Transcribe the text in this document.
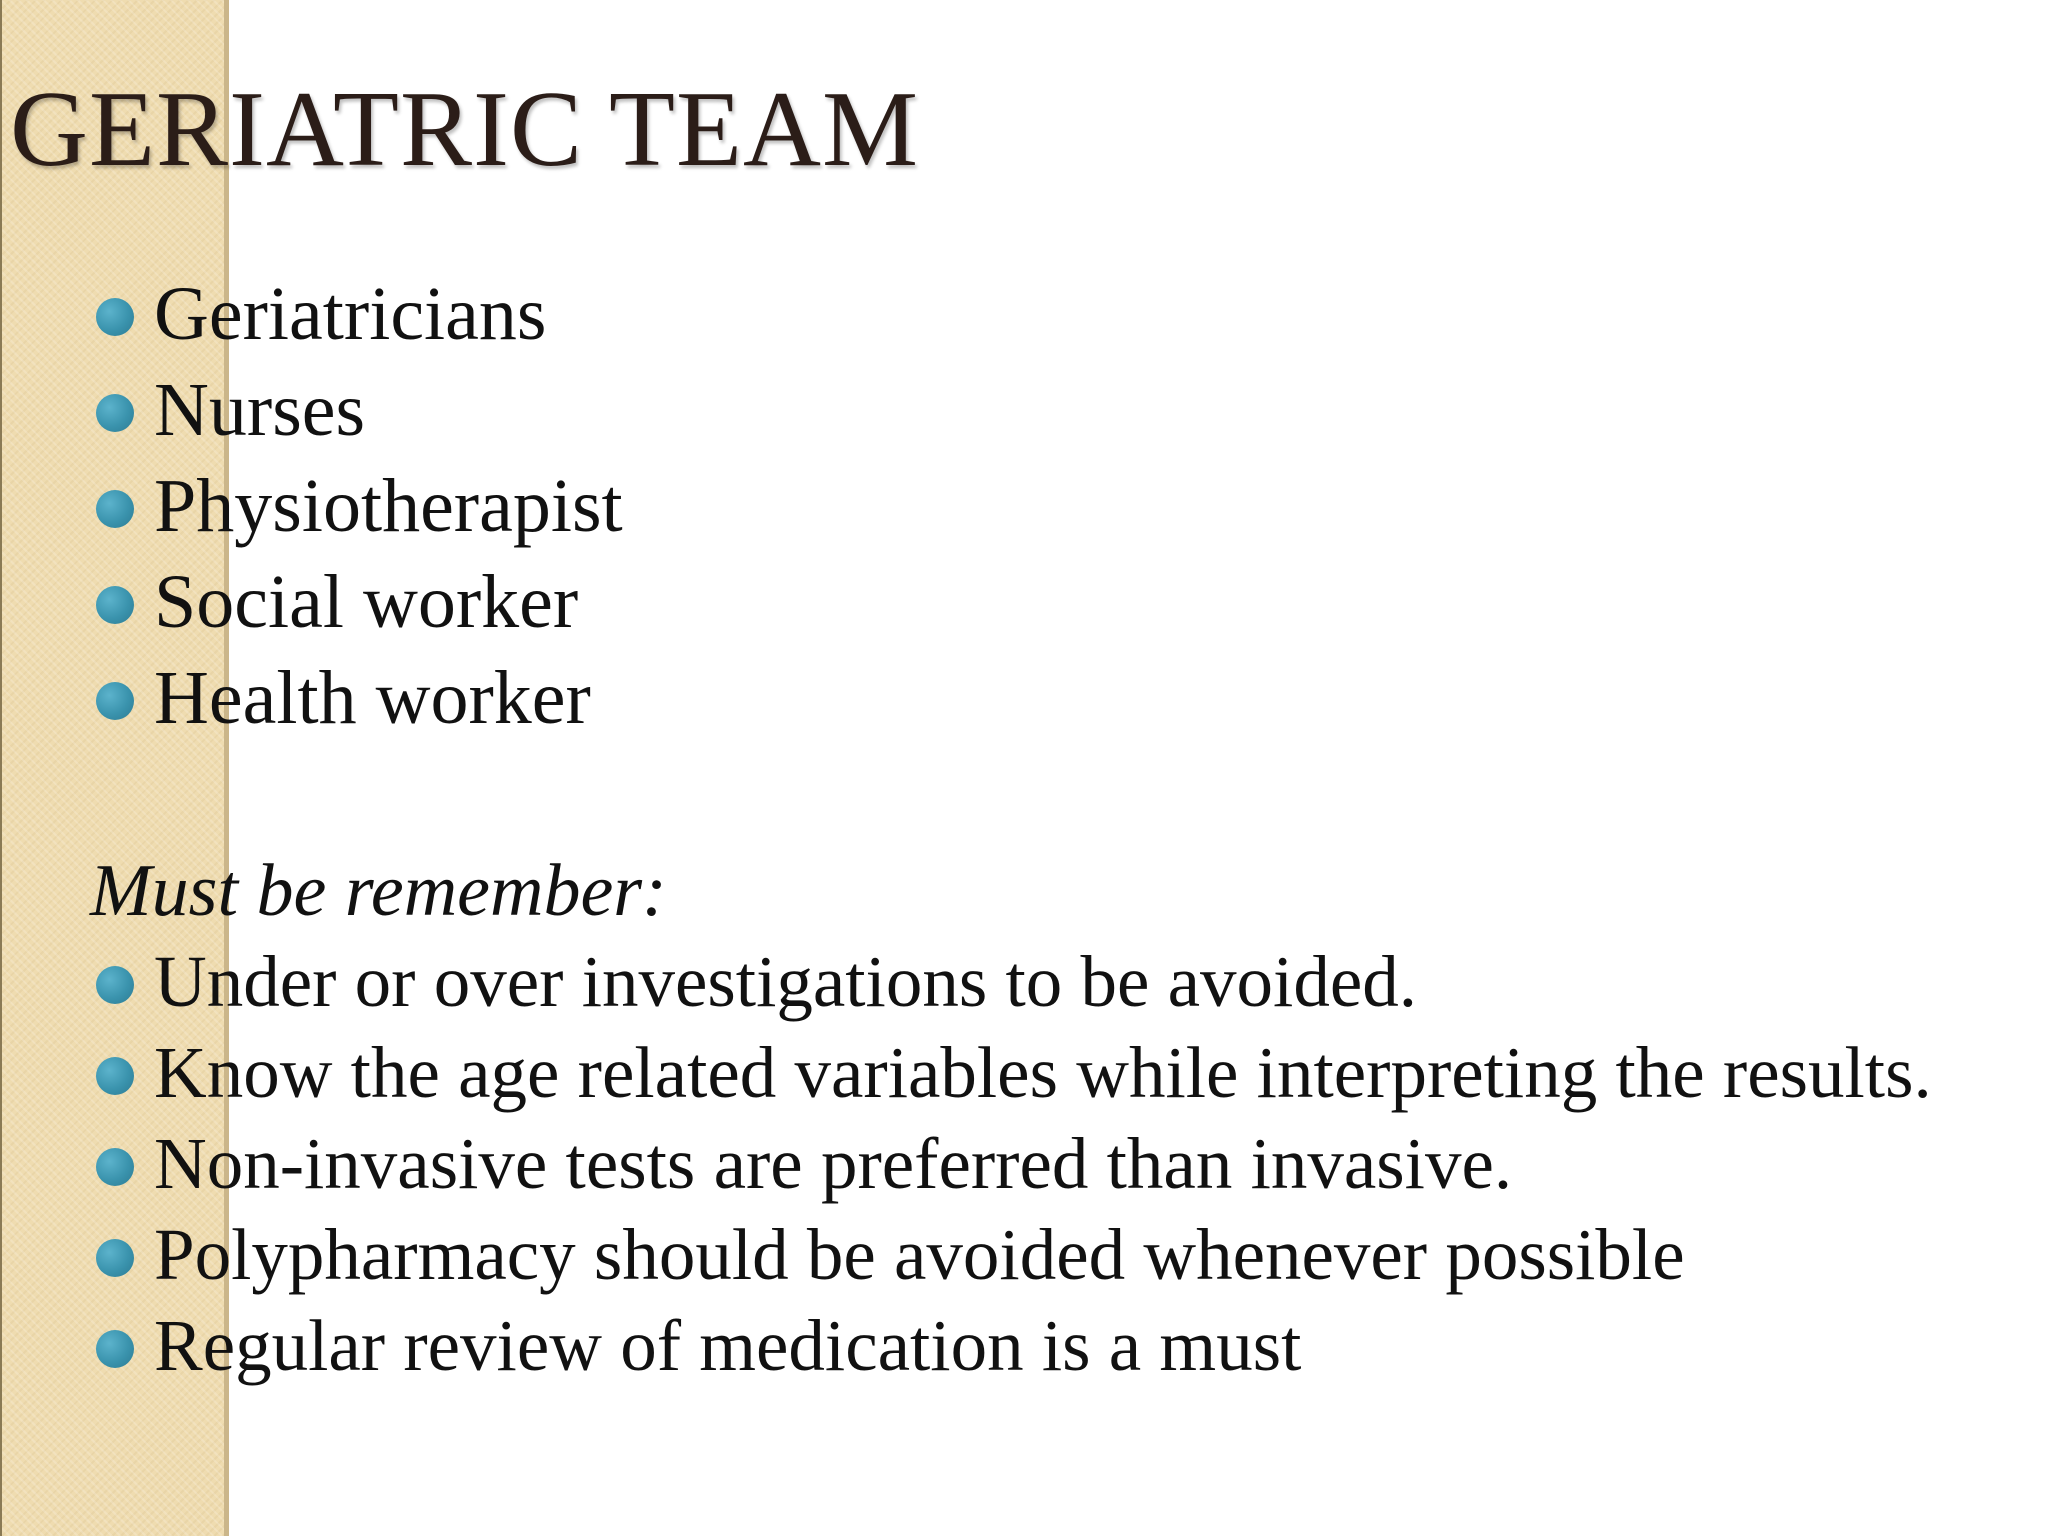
GERIATRIC TEAM
Geriatricians
Nurses
Physiotherapist
Social worker
Health worker

Must be remember:

Under or over investigations to be avoided.
Know the age related variables while interpreting the results.
Non-invasive tests are preferred than invasive.
Polypharmacy should be avoided whenever possible
Regular review of medication is a must
